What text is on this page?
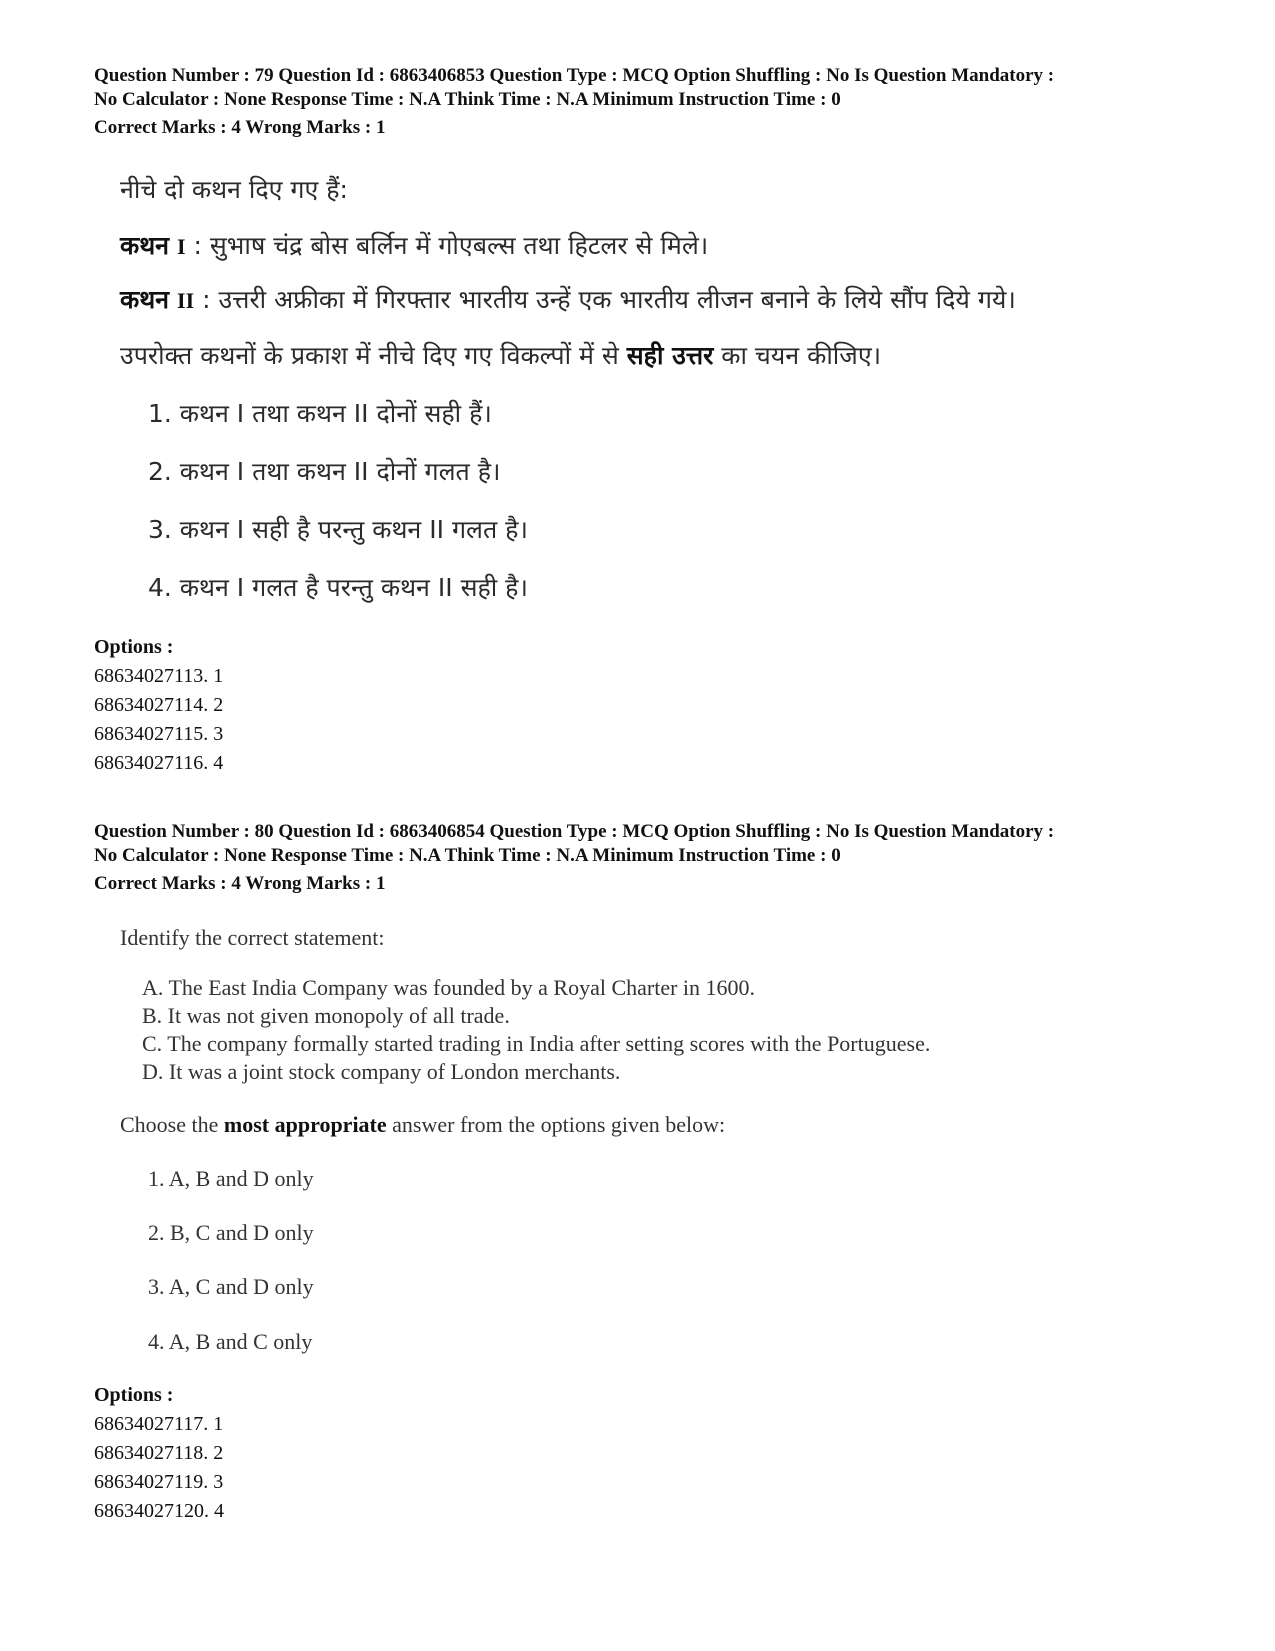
Question Number : 79 Question Id : 6863406853 Question Type : MCQ Option Shuffling : No Is Question Mandatory :
No Calculator : None Response Time : N.A Think Time : N.A Minimum Instruction Time : 0
Correct Marks : 4 Wrong Marks : 1
नीचे दो कथन दिए गए हैं:
कथन I : सुभाष चंद्र बोस बर्लिन में गोएबल्स तथा हिटलर से मिले।
कथन II : उत्तरी अफ्रीका में गिरफ्तार भारतीय उन्हें एक भारतीय लीजन बनाने के लिये सौंप दिये गये।
उपरोक्त कथनों के प्रकाश में नीचे दिए गए विकल्पों में से सही उत्तर का चयन कीजिए।
1. कथन I तथा कथन II दोनों सही हैं।
2. कथन I तथा कथन II दोनों गलत है।
3. कथन I सही है परन्तु कथन II गलत है।
4. कथन I गलत है परन्तु कथन II सही है।
Options :
68634027113. 1
68634027114. 2
68634027115. 3
68634027116. 4
Question Number : 80 Question Id : 6863406854 Question Type : MCQ Option Shuffling : No Is Question Mandatory :
No Calculator : None Response Time : N.A Think Time : N.A Minimum Instruction Time : 0
Correct Marks : 4 Wrong Marks : 1
Identify the correct statement:
A. The East India Company was founded by a Royal Charter in 1600.
B. It was not given monopoly of all trade.
C. The company formally started trading in India after setting scores with the Portuguese.
D. It was a joint stock company of London merchants.
Choose the most appropriate answer from the options given below:
1. A, B and D only
2. B, C and D only
3. A, C and D only
4. A, B and C only
Options :
68634027117. 1
68634027118. 2
68634027119. 3
68634027120. 4
